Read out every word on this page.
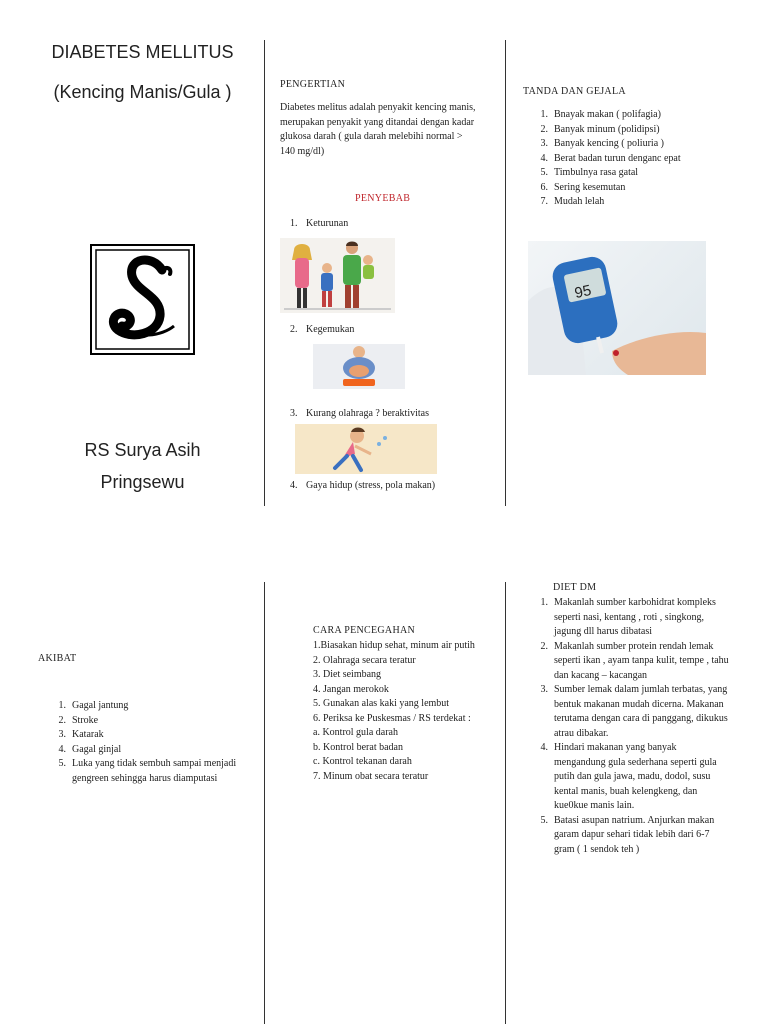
DIABETES MELLITUS
(Kencing Manis/Gula )
RS Surya Asih
Pringsewu
PENGERTIAN
Diabetes melitus adalah penyakit kencing manis, merupakan penyakit yang ditandai dengan kadar glukosa darah ( gula darah melebihi normal > 140 mg/dl)
PENYEBAB
1. Keturunan
2. Kegemukan
3. Kurang olahraga ? beraktivitas
4. Gaya hidup (stress, pola makan)
TANDA DAN GEJALA
1. Bnayak makan ( polifagia)
2. Banyak minum (polidipsi)
3. Banyak kencing ( poliuria )
4. Berat badan turun denganc epat
5. Timbulnya rasa gatal
6. Sering kesemutan
7. Mudah lelah
95
AKIBAT
1. Gagal jantung
2. Stroke
3. Katarak
4. Gagal ginjal
5. Luka yang tidak sembuh sampai menjadi gengreen sehingga harus diamputasi
CARA PENCEGAHAN
1.Biasakan hidup sehat, minum air putih
2. Olahraga secara teratur
3. Diet seimbang
4. Jangan merokok
5. Gunakan alas kaki yang lembut
6. Periksa ke Puskesmas / RS terdekat :
a. Kontrol gula darah
b. Kontrol berat badan
c. Kontrol tekanan darah
7. Minum obat secara teratur
DIET DM
1. Makanlah sumber karbohidrat kompleks seperti nasi, kentang , roti , singkong, jagung dll harus dibatasi
2. Makanlah sumber protein rendah lemak seperti ikan , ayam tanpa kulit, tempe , tahu dan kacang – kacangan
3. Sumber lemak dalam jumlah terbatas, yang bentuk makanan mudah dicerna. Makanan terutama dengan cara di panggang, dikukus atrau dibakar.
4. Hindari makanan yang banyak mengandung gula sederhana seperti gula putih dan gula jawa, madu, dodol, susu kental manis, buah kelengkeng, dan kue0kue manis lain.
5. Batasi asupan natrium. Anjurkan makan garam dapur sehari tidak lebih dari 6-7 gram ( 1 sendok teh )
